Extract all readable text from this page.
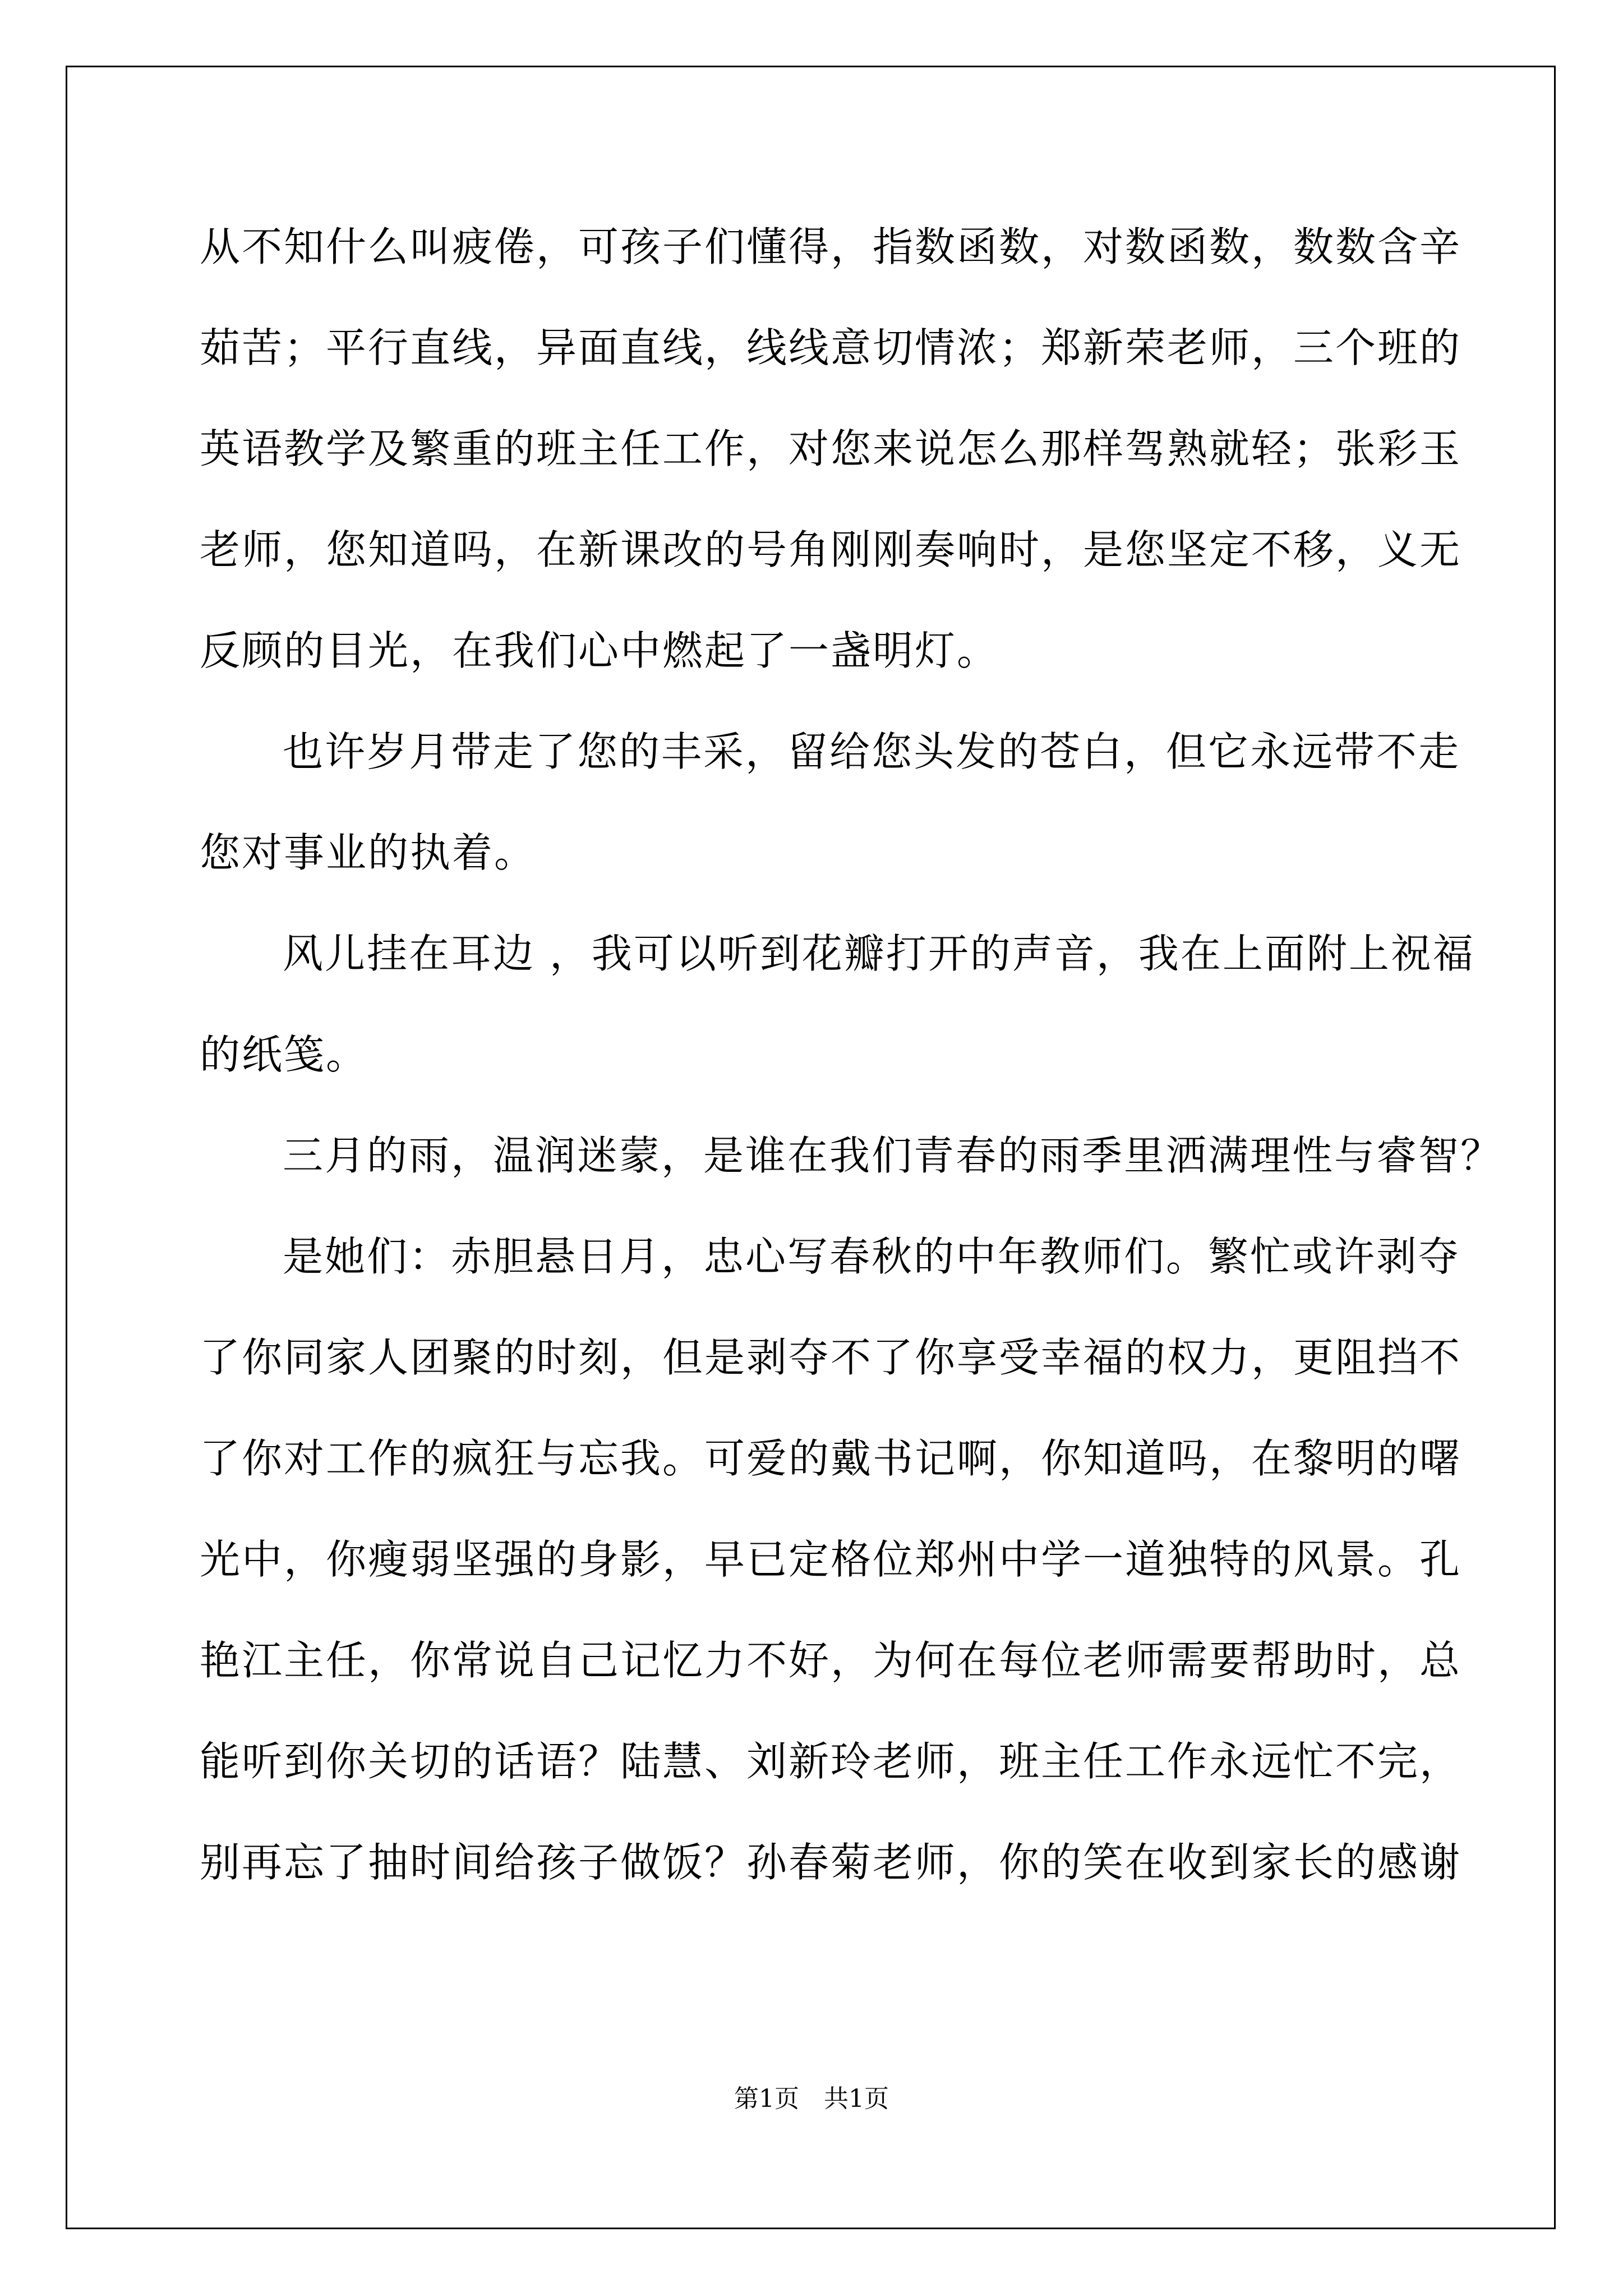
从不知什么叫疲倦，可孩子们懂得，指数函数，对数函数，数数含辛
茹苦；平行直线，异面直线，线线意切情浓；郑新荣老师，三个班的
英语教学及繁重的班主任工作，对您来说怎么那样驾熟就轻；张彩玉
老师，您知道吗，在新课改的号角刚刚奏响时，是您坚定不移，义无
反顾的目光，在我们心中燃起了一盏明灯。
也许岁月带走了您的丰采，留给您头发的苍白，但它永远带不走
您对事业的执着。
风儿挂在耳边 ，我可以听到花瓣打开的声音，我在上面附上祝福
的纸笺。
三月的雨，温润迷蒙，是谁在我们青春的雨季里洒满理性与睿智？
是她们：赤胆悬日月，忠心写春秋的中年教师们。繁忙或许剥夺
了你同家人团聚的时刻，但是剥夺不了你享受幸福的权力，更阻挡不
了你对工作的疯狂与忘我。可爱的戴书记啊，你知道吗，在黎明的曙
光中，你瘦弱坚强的身影，早已定格位郑州中学一道独特的风景。孔
艳江主任，你常说自己记忆力不好，为何在每位老师需要帮助时，总
能听到你关切的话语？陆慧、刘新玲老师，班主任工作永远忙不完，
别再忘了抽时间给孩子做饭？孙春菊老师，你的笑在收到家长的感谢
第1页　共1页
